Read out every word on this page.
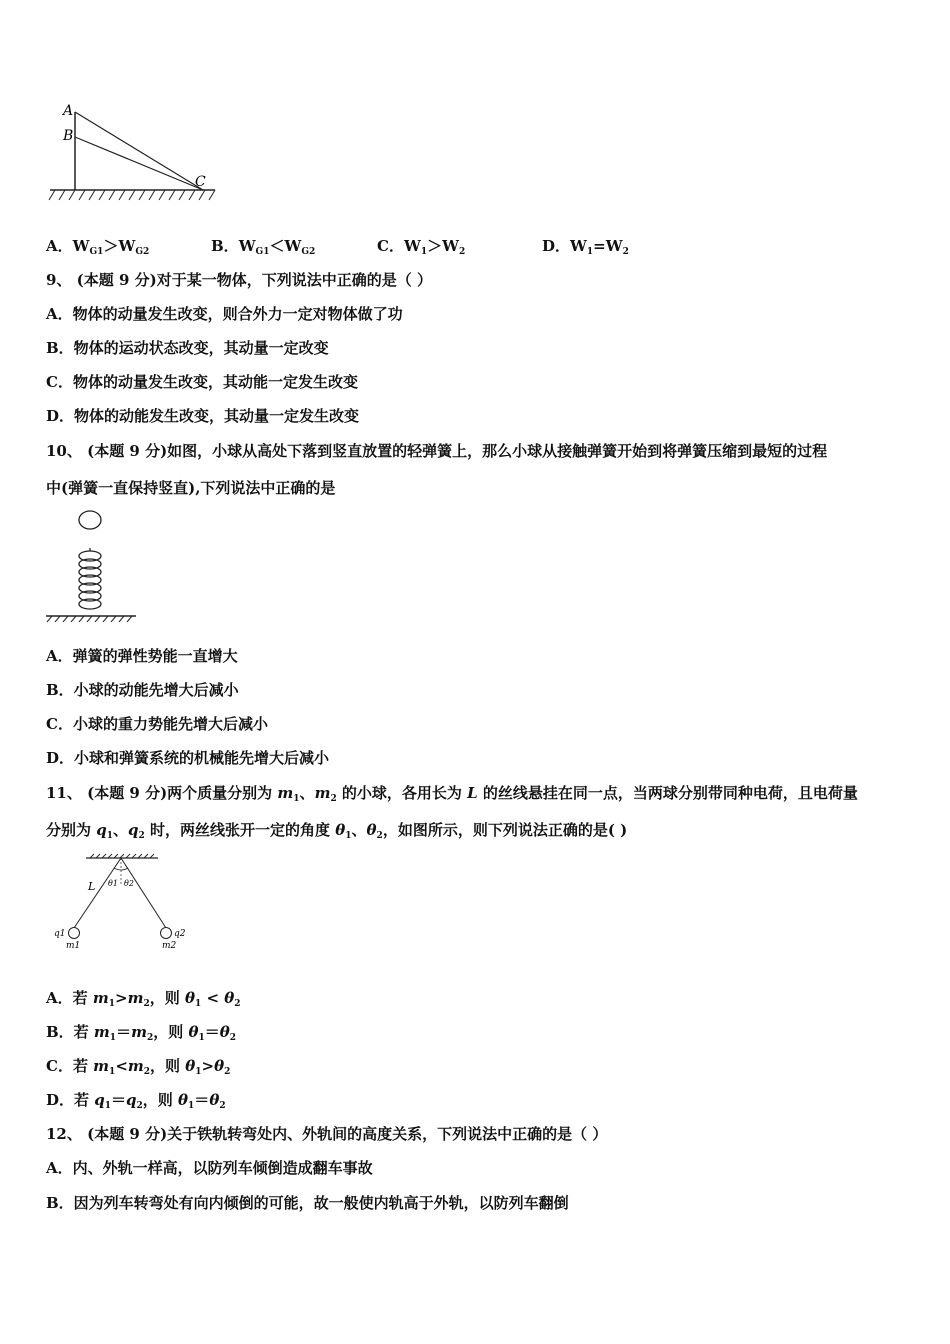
A
B
C
A．$W_{G1}>W_{G2}$	B．$W_{G1}<W_{G2}$	C．$W_1>W_2$	D．$W_1=W_2$
9、 (本题 9 分)对于某一物体，下列说法中正确的是（ ）
A．物体的动量发生改变，则合外力一定对物体做了功
B．物体的运动状态改变，其动量一定改变
C．物体的动量发生改变，其动能一定发生改变
D．物体的动能发生改变，其动量一定发生改变
10、 (本题 9 分)如图，小球从高处下落到竖直放置的轻弹簧上，那么小球从接触弹簧开始到将弹簧压缩到最短的过程
中(弹簧一直保持竖直),下列说法中正确的是
A．弹簧的弹性势能一直增大
B．小球的动能先增大后减小
C．小球的重力势能先增大后减小
D．小球和弹簧系统的机械能先增大后减小
11、 (本题 9 分)两个质量分别为 $m_1$、$m_2$ 的小球，各用长为 L 的丝线悬挂在同一点，当两球分别带同种电荷，且电荷量
分别为 $q_1$、$q_2$ 时，两丝线张开一定的角度 $\theta_1$、$\theta_2$，如图所示，则下列说法正确的是( )
L θ1 θ2
q1	q2
m1	m2
A．若 $m_1>m_2$，则 $\theta_1 < \theta_2$
B．若 $m_1=m_2$，则 $\theta_1=\theta_2$
C．若 $m_1<m_2$，则 $\theta_1>\theta_2$
D．若 $q_1=q_2$，则 $\theta_1=\theta_2$
12、 (本题 9 分)关于铁轨转弯处内、外轨间的高度关系，下列说法中正确的是（ ）
A．内、外轨一样高，以防列车倾倒造成翻车事故
B．因为列车转弯处有向内倾倒的可能，故一般使内轨高于外轨，以防列车翻倒
